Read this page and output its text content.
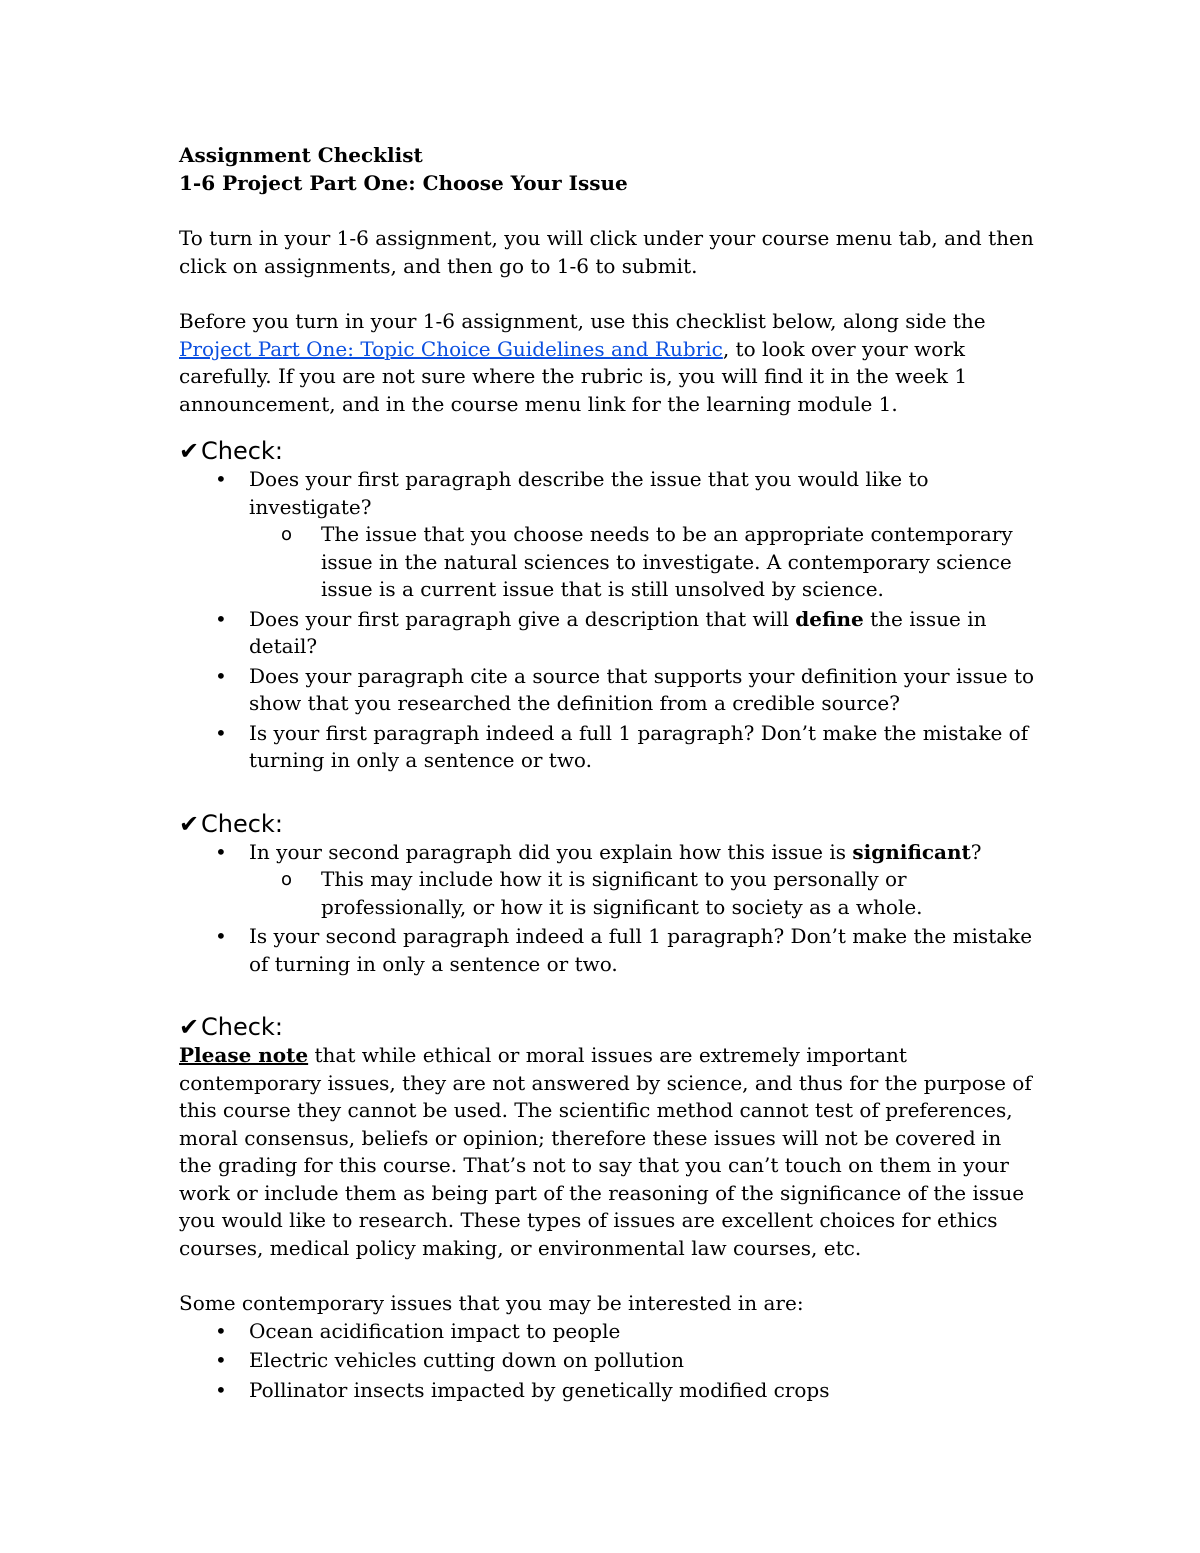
Assignment Checklist

1-6 Project Part One: Choose Your Issue

To turn in your 1-6 assignment, you will click under your course menu tab, and then click on assignments, and then go to 1-6 to submit.

Before you turn in your 1-6 assignment, use this checklist below, along side the Project Part One: Topic Choice Guidelines and Rubric, to look over your work carefully. If you are not sure where the rubric is, you will find it in the week 1 announcement, and in the course menu link for the learning module 1.

✔Check:

• Does your first paragraph describe the issue that you would like to investigate?
o The issue that you choose needs to be an appropriate contemporary issue in the natural sciences to investigate. A contemporary science issue is a current issue that is still unsolved by science.
• Does your first paragraph give a description that will define the issue in detail?
• Does your paragraph cite a source that supports your definition your issue to show that you researched the definition from a credible source?
• Is your first paragraph indeed a full 1 paragraph? Don’t make the mistake of turning in only a sentence or two.

✔Check:

• In your second paragraph did you explain how this issue is significant?
o This may include how it is significant to you personally or professionally, or how it is significant to society as a whole.
• Is your second paragraph indeed a full 1 paragraph? Don’t make the mistake of turning in only a sentence or two.

✔Check:

Please note that while ethical or moral issues are extremely important contemporary issues, they are not answered by science, and thus for the purpose of this course they cannot be used. The scientific method cannot test of preferences, moral consensus, beliefs or opinion; therefore these issues will not be covered in the grading for this course. That’s not to say that you can’t touch on them in your work or include them as being part of the reasoning of the significance of the issue you would like to research. These types of issues are excellent choices for ethics courses, medical policy making, or environmental law courses, etc.

Some contemporary issues that you may be interested in are:

• Ocean acidification impact to people
• Electric vehicles cutting down on pollution
• Pollinator insects impacted by genetically modified crops
